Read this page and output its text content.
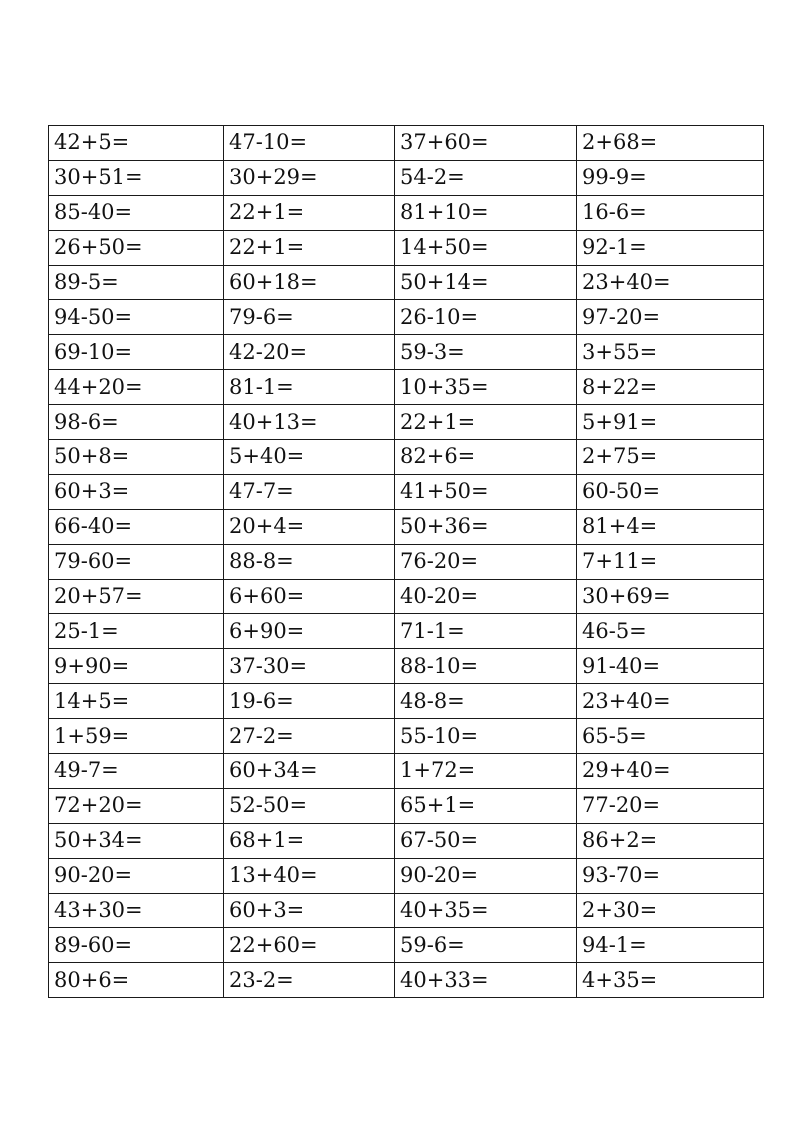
42+5=	47-10=	37+60=	2+68=
30+51=	30+29=	54-2=	99-9=
85-40=	22+1=	81+10=	16-6=
26+50=	22+1=	14+50=	92-1=
89-5=	60+18=	50+14=	23+40=
94-50=	79-6=	26-10=	97-20=
69-10=	42-20=	59-3=	3+55=
44+20=	81-1=	10+35=	8+22=
98-6=	40+13=	22+1=	5+91=
50+8=	5+40=	82+6=	2+75=
60+3=	47-7=	41+50=	60-50=
66-40=	20+4=	50+36=	81+4=
79-60=	88-8=	76-20=	7+11=
20+57=	6+60=	40-20=	30+69=
25-1=	6+90=	71-1=	46-5=
9+90=	37-30=	88-10=	91-40=
14+5=	19-6=	48-8=	23+40=
1+59=	27-2=	55-10=	65-5=
49-7=	60+34=	1+72=	29+40=
72+20=	52-50=	65+1=	77-20=
50+34=	68+1=	67-50=	86+2=
90-20=	13+40=	90-20=	93-70=
43+30=	60+3=	40+35=	2+30=
89-60=	22+60=	59-6=	94-1=
80+6=	23-2=	40+33=	4+35=
